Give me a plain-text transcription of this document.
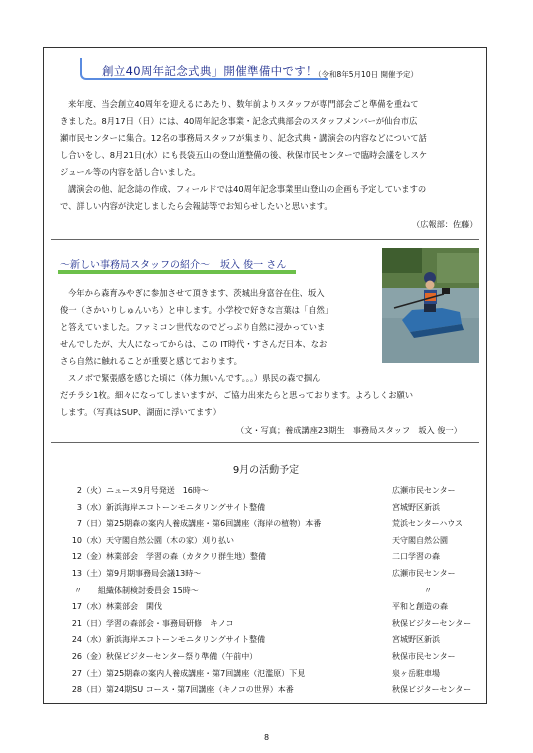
創立40周年記念式典」開催準備中です！
（令和8年5月10日 開催予定）
来年度、当会創立40周年を迎えるにあたり、数年前よりスタッフが専門部会ごと準備を重ねて
きました。8月17日（日）には、40周年記念事業・記念式典部会のスタッフメンバーが仙台市広
瀬市民センターに集合。12名の事務局スタッフが集まり、記念式典・講演会の内容などについて話
し合いをし、8月21日(水）にも長袋五山の登山道整備の後、秋保市民センターで臨時会議をしスケ
ジュール等の内容を話し合いました。
講演会の他、記念誌の作成、フィールドでは40周年記念事業里山登山の企画も予定していますの
で、詳しい内容が決定しましたら会報誌等でお知らせしたいと思います。
（広報部：佐藤）
～新しい事務局スタッフの紹介～　坂入 俊一 さん
今年から森育みやぎに参加させて頂きます、茨城出身富谷在住、坂入
俊一（さかいりしゅんいち）と申します。小学校で好きな言葉は「自然」
と答えていました。ファミコン世代なのでどっぷり自然に浸かっていま
せんでしたが、大人になってからは、この IT時代・すさんだ日本、なお
さら自然に触れることが重要と感じております。
スノボで緊張感を感じた頃に（体力無いんです。。。）県民の森で掴ん
だチラシ1枚。細々になってしまいますが、ご協力出来たらと思っております。よろしくお願い
します。（写真はSUP、湖面に浮いてます）
（文・写真；養成講座23期生　事務局スタッフ　坂入 俊一）
9月の活動予定
2 （火）ニュース9月号発送　16時～	広瀬市民センター
3 （水）新浜海岸エコトーンモニタリングサイト整備	宮城野区新浜
7 （日）第25期森の案内人養成講座・第6回講座（海岸の植物）本番	荒浜センターハウス
10 （水）天守閣自然公園（木の家）刈り払い	天守閣自然公園
12 （金）林業部会　学習の森（カタクリ群生地）整備	二口学習の森
13 （土）第9月期事務局会議13時～	広瀬市民センター
〃 　　組織体制検討委員会 15時～	〃
17 （水）林業部会　閑伐	平和と創造の森
21 （日）学習の森部会・事務局研修　キノコ	秋保ビジターセンター
24 （水）新浜海岸エコトーンモニタリングサイト整備	宮城野区新浜
26 （金）秋保ビジターセンター祭り準備（午前中）	秋保市民センター
27 （土）第25期森の案内人養成講座・第7回講座（氾濫原）下見	泉ヶ岳駐車場
28 （日）第24期SU コース・第7回講座（キノコの世界）本番	秋保ビジターセンター
8
